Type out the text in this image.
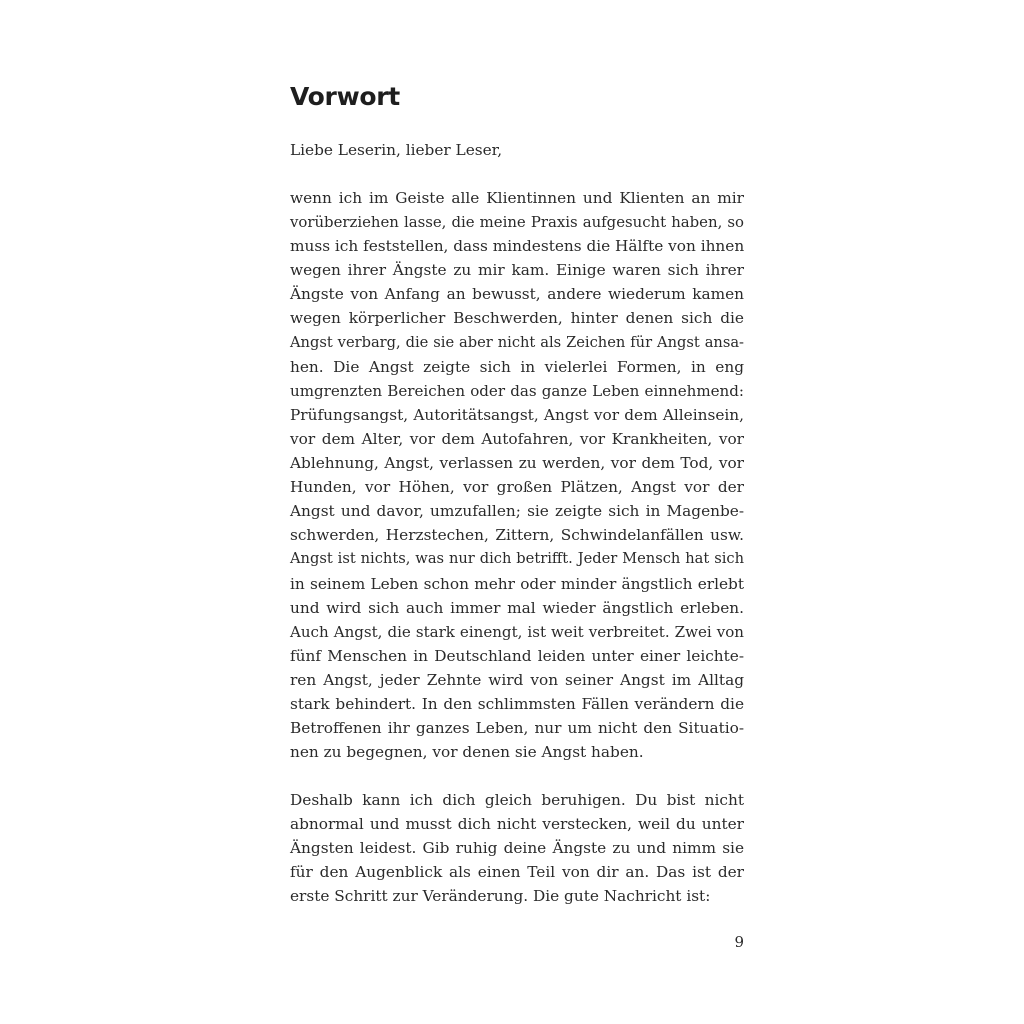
Vorwort

Liebe Leserin, lieber Leser,

wenn ich im Geiste alle Klientinnen und Klienten an mir
vorüberziehen lasse, die meine Praxis aufgesucht haben, so
muss ich feststellen, dass mindestens die Hälfte von ihnen
wegen ihrer Ängste zu mir kam. Einige waren sich ihrer
Ängste von Anfang an bewusst, andere wiederum kamen
wegen körperlicher Beschwerden, hinter denen sich die
Angst verbarg, die sie aber nicht als Zeichen für Angst ansa-
hen. Die Angst zeigte sich in vielerlei Formen, in eng
umgrenzten Bereichen oder das ganze Leben einnehmend:
Prüfungsangst, Autoritätsangst, Angst vor dem Alleinsein,
vor dem Alter, vor dem Autofahren, vor Krankheiten, vor
Ablehnung, Angst, verlassen zu werden, vor dem Tod, vor
Hunden, vor Höhen, vor großen Plätzen, Angst vor der
Angst und davor, umzufallen; sie zeigte sich in Magenbe-
schwerden, Herzstechen, Zittern, Schwindelanfällen usw.
Angst ist nichts, was nur dich betrifft. Jeder Mensch hat sich
in seinem Leben schon mehr oder minder ängstlich erlebt
und wird sich auch immer mal wieder ängstlich erleben.
Auch Angst, die stark einengt, ist weit verbreitet. Zwei von
fünf Menschen in Deutschland leiden unter einer leichte-
ren Angst, jeder Zehnte wird von seiner Angst im Alltag
stark behindert. In den schlimmsten Fällen verändern die
Betroffenen ihr ganzes Leben, nur um nicht den Situatio-
nen zu begegnen, vor denen sie Angst haben.
Deshalb kann ich dich gleich beruhigen. Du bist nicht
abnormal und musst dich nicht verstecken, weil du unter
Ängsten leidest. Gib ruhig deine Ängste zu und nimm sie
für den Augenblick als einen Teil von dir an. Das ist der
erste Schritt zur Veränderung. Die gute Nachricht ist:
9
